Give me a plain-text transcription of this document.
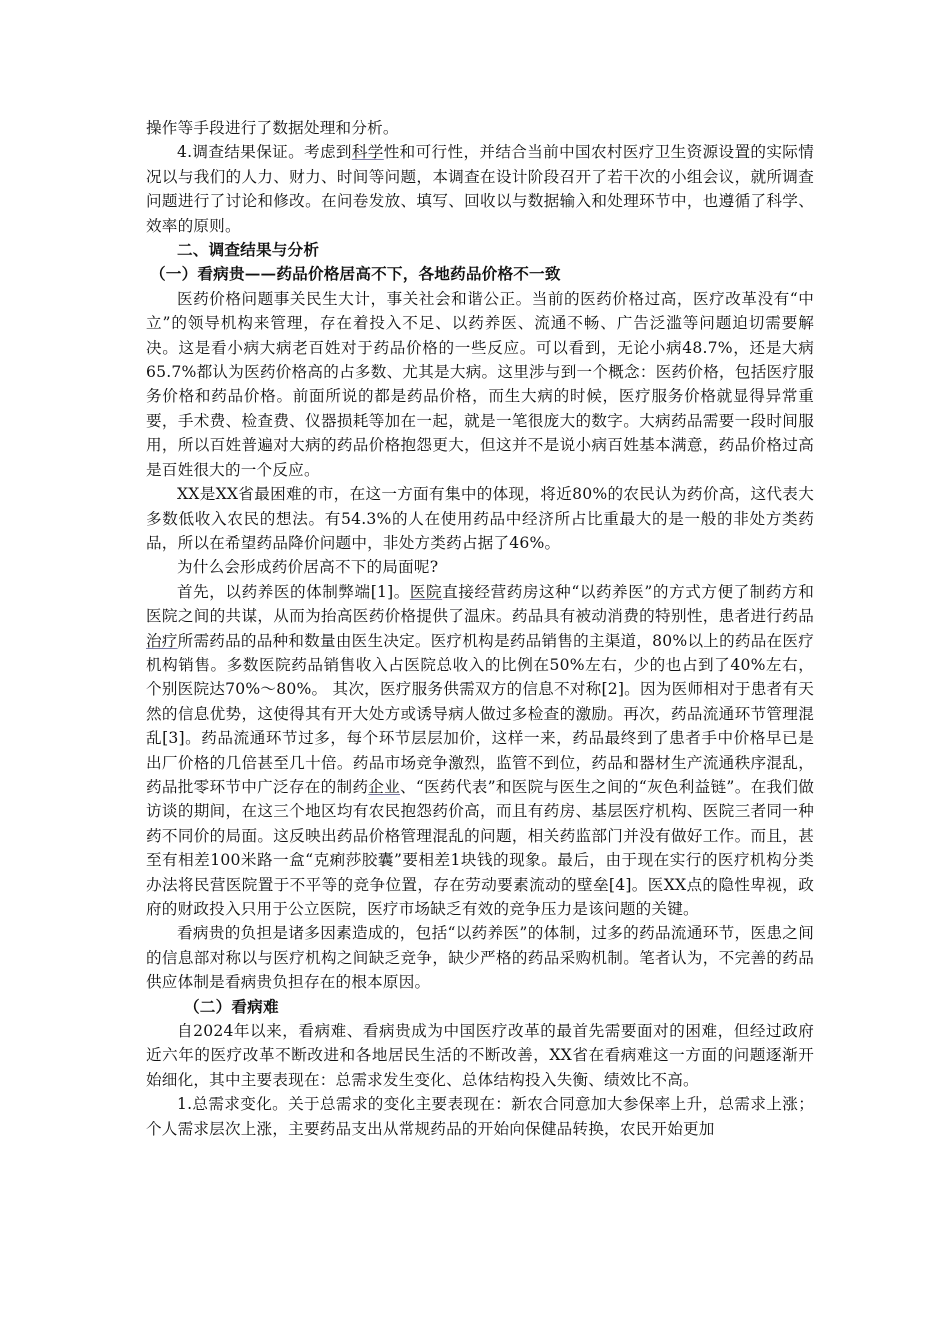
操作等手段进行了数据处理和分析。

4.调查结果保证。考虑到科学性和可行性，并结合当前中国农村医疗卫生资源设置的实际情况以与我们的人力、财力、时间等问题，本调查在设计阶段召开了若干次的小组会议，就所调查问题进行了讨论和修改。在问卷发放、填写、回收以与数据输入和处理环节中，也遵循了科学、效率的原则。

二、调查结果与分析

（一）看病贵——药品价格居高不下，各地药品价格不一致

医药价格问题事关民生大计，事关社会和谐公正。当前的医药价格过高，医疗改革没有“中立”的领导机构来管理，存在着投入不足、以药养医、流通不畅、广告泛滥等问题迫切需要解决。这是看小病大病老百姓对于药品价格的一些反应。可以看到，无论小病48.7%，还是大病65.7%都认为医药价格高的占多数、尤其是大病。这里涉与到一个概念：医药价格，包括医疗服务价格和药品价格。前面所说的都是药品价格，而生大病的时候，医疗服务价格就显得异常重要，手术费、检查费、仪器损耗等加在一起，就是一笔很庞大的数字。大病药品需要一段时间服用，所以百姓普遍对大病的药品价格抱怨更大，但这并不是说小病百姓基本满意，药品价格过高是百姓很大的一个反应。

XX是XX省最困难的市，在这一方面有集中的体现，将近80%的农民认为药价高，这代表大多数低收入农民的想法。有54.3%的人在使用药品中经济所占比重最大的是一般的非处方类药品，所以在希望药品降价问题中，非处方类药占据了46%。

为什么会形成药价居高不下的局面呢?

首先，以药养医的体制弊端[1]。医院直接经营药房这种“以药养医”的方式方便了制药方和医院之间的共谋，从而为抬高医药价格提供了温床。药品具有被动消费的特别性，患者进行药品治疗所需药品的品种和数量由医生决定。医疗机构是药品销售的主渠道，80%以上的药品在医疗机构销售。多数医院药品销售收入占医院总收入的比例在50%左右，少的也占到了40%左右，个别医院达70%～80%。 其次，医疗服务供需双方的信息不对称[2]。因为医师相对于患者有天然的信息优势，这使得其有开大处方或诱导病人做过多检查的激励。再次，药品流通环节管理混乱[3]。药品流通环节过多，每个环节层层加价，这样一来，药品最终到了患者手中价格早已是出厂价格的几倍甚至几十倍。药品市场竞争激烈，监管不到位，药品和器材生产流通秩序混乱，药品批零环节中广泛存在的制药企业、“医药代表”和医院与医生之间的“灰色利益链”。在我们做访谈的期间，在这三个地区均有农民抱怨药价高，而且有药房、基层医疗机构、医院三者同一种药不同价的局面。这反映出药品价格管理混乱的问题，相关药监部门并没有做好工作。而且，甚至有相差100米路一盒“克痢莎胶囊”要相差1块钱的现象。最后，由于现在实行的医疗机构分类办法将民营医院置于不平等的竞争位置，存在劳动要素流动的壁垒[4]。医XX点的隐性卑视，政府的财政投入只用于公立医院，医疗市场缺乏有效的竞争压力是该问题的关键。

看病贵的负担是诸多因素造成的，包括“以药养医”的体制，过多的药品流通环节，医患之间的信息部对称以与医疗机构之间缺乏竞争，缺少严格的药品采购机制。笔者认为，不完善的药品供应体制是看病贵负担存在的根本原因。

（二）看病难

自2024年以来，看病难、看病贵成为中国医疗改革的最首先需要面对的困难，但经过政府近六年的医疗改革不断改进和各地居民生活的不断改善，XX省在看病难这一方面的问题逐渐开始细化，其中主要表现在：总需求发生变化、总体结构投入失衡、绩效比不高。

1.总需求变化。关于总需求的变化主要表现在：新农合同意加大参保率上升，总需求上涨；个人需求层次上涨，主要药品支出从常规药品的开始向保健品转换，农民开始更加
